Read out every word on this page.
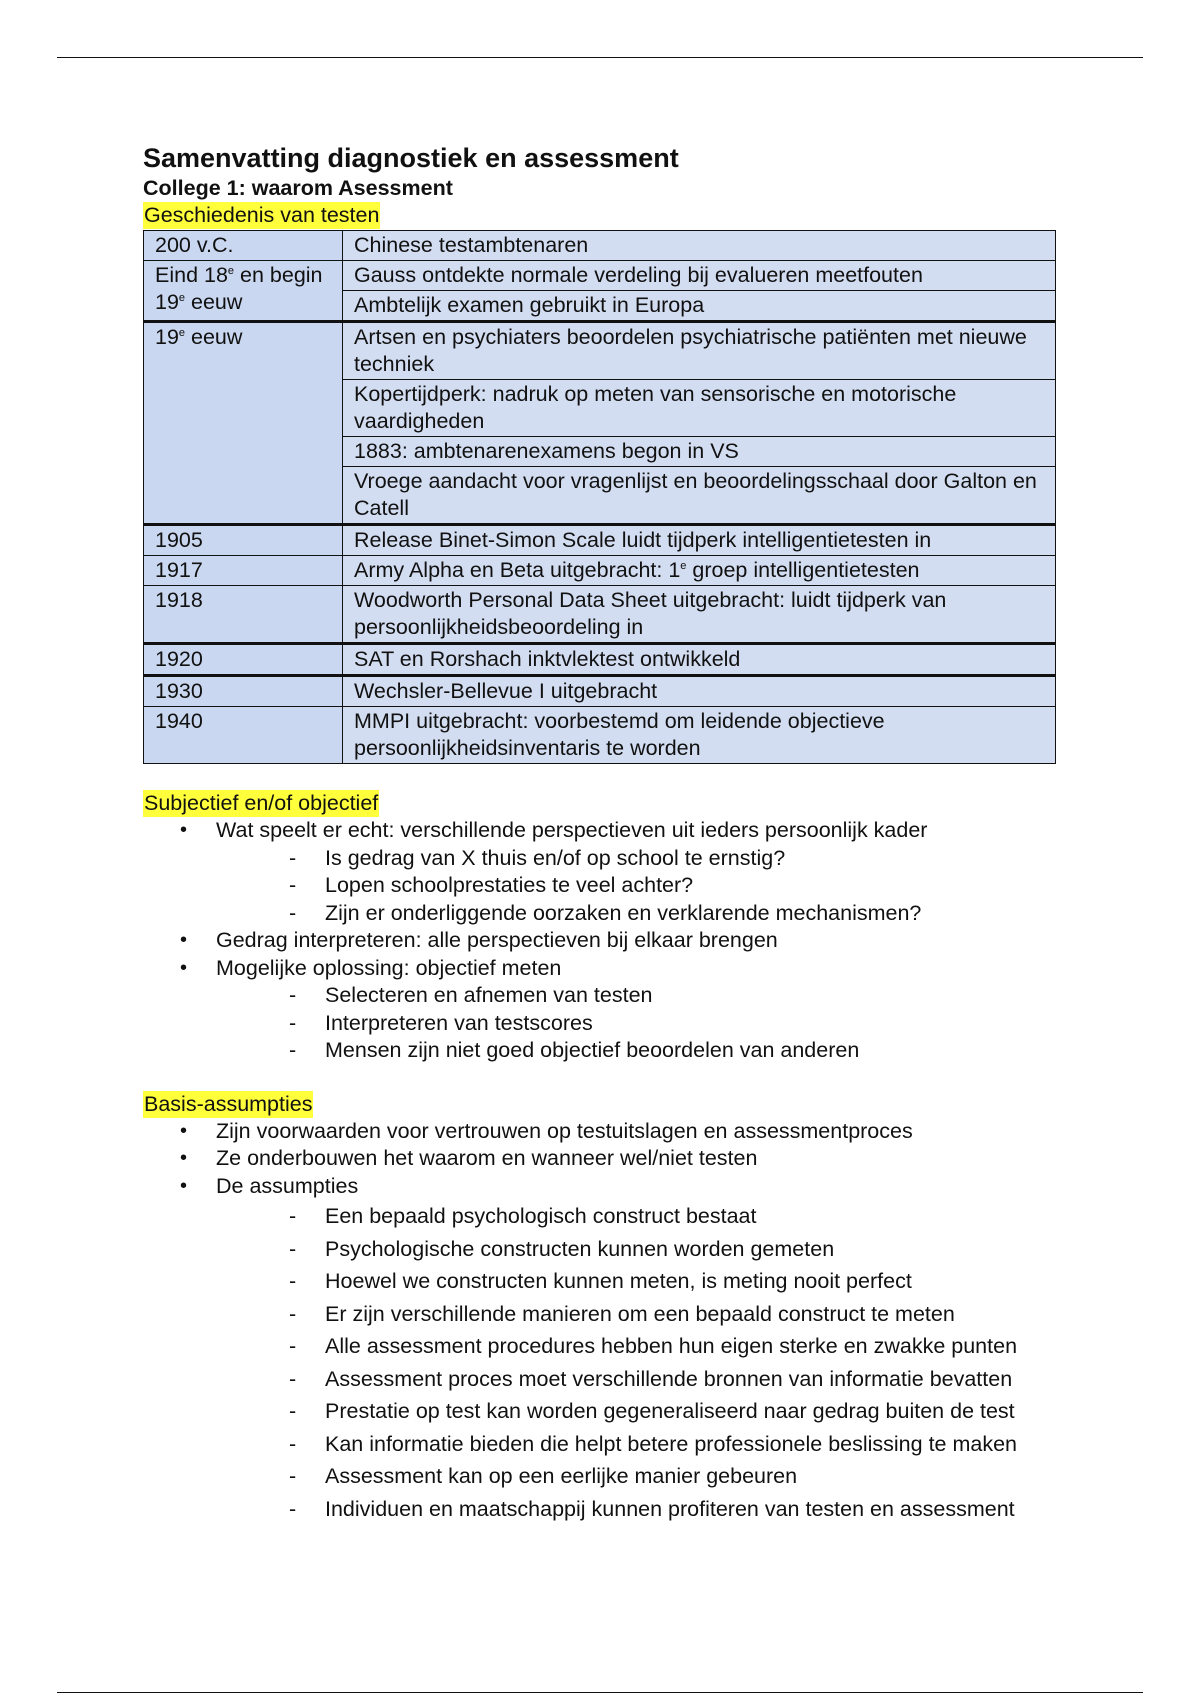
Samenvatting diagnostiek en assessment
College 1: waarom Asessment
Geschiedenis van testen
200 v.C.	Chinese testambtenaren
Eind 18e en begin 19e eeuw	Gauss ontdekte normale verdeling bij evalueren meetfouten
	Ambtelijk examen gebruikt in Europa
19e eeuw	Artsen en psychiaters beoordelen psychiatrische patiënten met nieuwe techniek
	Kopertijdperk: nadruk op meten van sensorische en motorische vaardigheden
	1883: ambtenarenexamens begon in VS
	Vroege aandacht voor vragenlijst en beoordelingsschaal door Galton en Catell
1905	Release Binet-Simon Scale luidt tijdperk intelligentietesten in
1917	Army Alpha en Beta uitgebracht: 1e groep intelligentietesten
1918	Woodworth Personal Data Sheet uitgebracht: luidt tijdperk van persoonlijkheidsbeoordeling in
1920	SAT en Rorshach inktvlektest ontwikkeld
1930	Wechsler-Bellevue I uitgebracht
1940	MMPI uitgebracht: voorbestemd om leidende objectieve persoonlijkheidsinventaris te worden
Subjectief en/of objectief
• Wat speelt er echt: verschillende perspectieven uit ieders persoonlijk kader
- Is gedrag van X thuis en/of op school te ernstig?
- Lopen schoolprestaties te veel achter?
- Zijn er onderliggende oorzaken en verklarende mechanismen?
• Gedrag interpreteren: alle perspectieven bij elkaar brengen
• Mogelijke oplossing: objectief meten
- Selecteren en afnemen van testen
- Interpreteren van testscores
- Mensen zijn niet goed objectief beoordelen van anderen
Basis-assumpties
• Zijn voorwaarden voor vertrouwen op testuitslagen en assessmentproces
• Ze onderbouwen het waarom en wanneer wel/niet testen
• De assumpties
- Een bepaald psychologisch construct bestaat
- Psychologische constructen kunnen worden gemeten
- Hoewel we constructen kunnen meten, is meting nooit perfect
- Er zijn verschillende manieren om een bepaald construct te meten
- Alle assessment procedures hebben hun eigen sterke en zwakke punten
- Assessment proces moet verschillende bronnen van informatie bevatten
- Prestatie op test kan worden gegeneraliseerd naar gedrag buiten de test
- Kan informatie bieden die helpt betere professionele beslissing te maken
- Assessment kan op een eerlijke manier gebeuren
- Individuen en maatschappij kunnen profiteren van testen en assessment
